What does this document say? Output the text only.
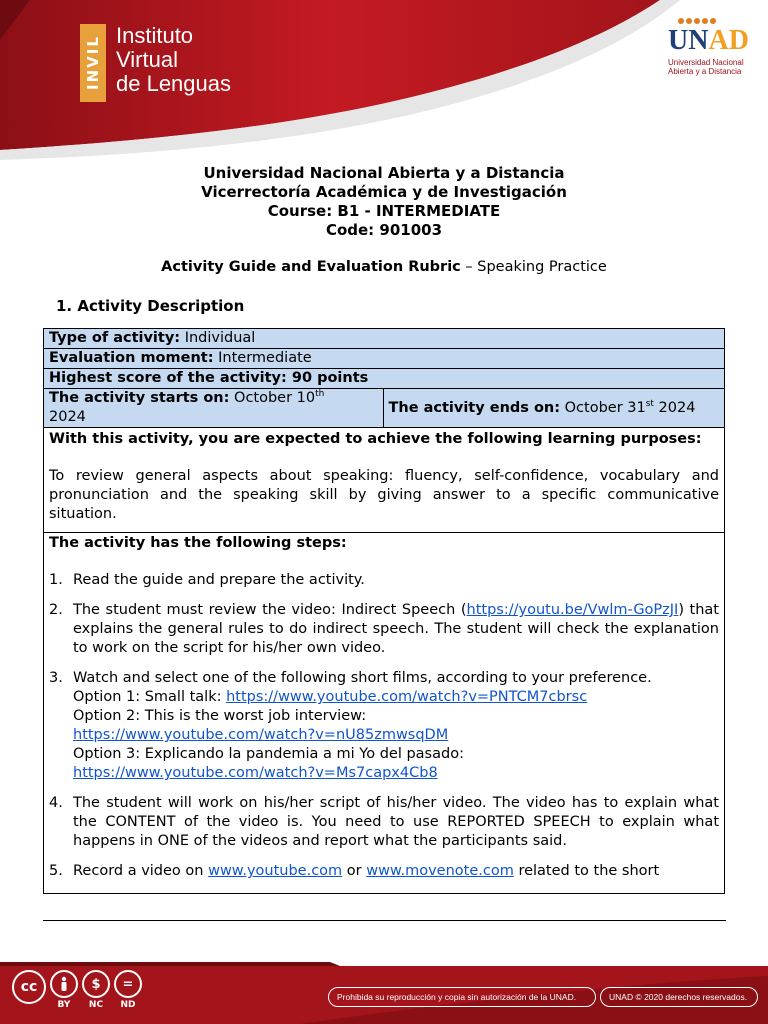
INVIL
Instituto
Virtual
de Lenguas
UNAD
Universidad Nacional
Abierta y a Distancia
Universidad Nacional Abierta y a Distancia
Vicerrectoría Académica y de Investigación
Course: B1 - INTERMEDIATE
Code: 901003
Activity Guide and Evaluation Rubric – Speaking Practice
1. Activity Description
Type of activity: Individual
Evaluation moment: Intermediate
Highest score of the activity: 90 points
The activity starts on: October 10th
2024	The activity ends on: October 31st 2024

With this activity, you are expected to achieve the following learning purposes:

To review general aspects about speaking: fluency, self-confidence, vocabulary and pronunciation and the speaking skill by giving answer to a specific communicative situation.

The activity has the following steps:
1. Read the guide and prepare the activity.
2. The student must review the video: Indirect Speech (https://youtu.be/Vwlm-GoPzJI) that explains the general rules to do indirect speech. The student will check the explanation to work on the script for his/her own video.
3. Watch and select one of the following short films, according to your preference.
Option 1: Small talk: https://www.youtube.com/watch?v=PNTCM7cbrsc
Option 2: This is the worst job interview:
https://www.youtube.com/watch?v=nU85zmwsqDM
Option 3: Explicando la pandemia a mi Yo del pasado:
https://www.youtube.com/watch?v=Ms7capx4Cb8
4. The student will work on his/her script of his/her video. The video has to explain what the CONTENT of the video is. You need to use REPORTED SPEECH to explain what happens in ONE of the videos and report what the participants said.
5. Record a video on www.youtube.com or www.movenote.com related to the short
cc
BY
$
NC
=
ND
Prohibida su reproducción y copia sin autorización de la UNAD.	UNAD © 2020 derechos reservados.
